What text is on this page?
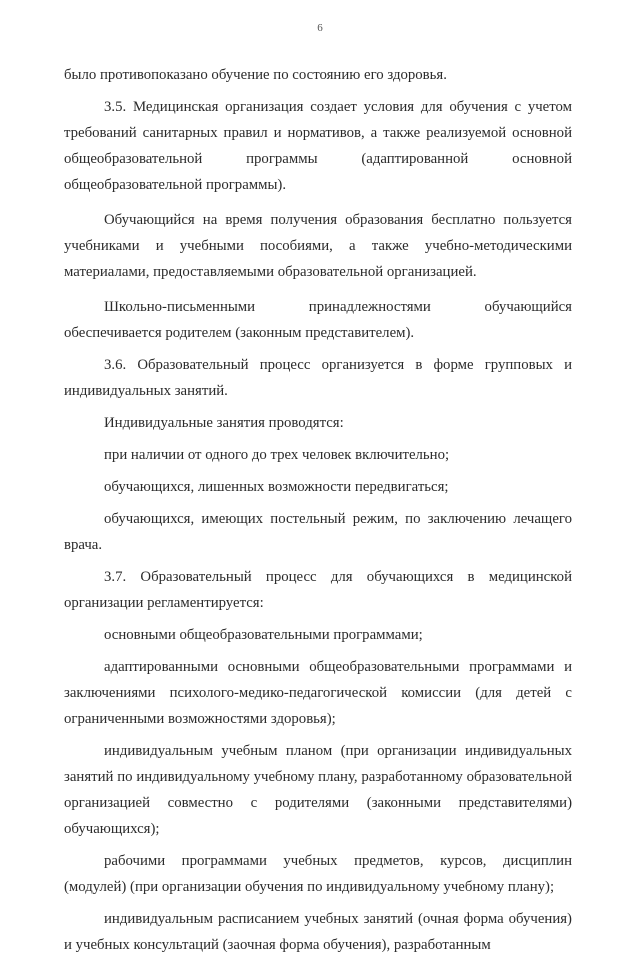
6

было противопоказано обучение по состоянию его здоровья.

3.5. Медицинская организация создает условия для обучения с учетом требований санитарных правил и нормативов, а также реализуемой основной общеобразовательной программы (адаптированной основной общеобразовательной программы).

Обучающийся на время получения образования бесплатно пользуется учебниками и учебными пособиями, а также учебно-методическими материалами, предоставляемыми образовательной организацией.

Школьно-письменными принадлежностями обучающийся обеспечивается родителем (законным представителем).

3.6. Образовательный процесс организуется в форме групповых и индивидуальных занятий.

Индивидуальные занятия проводятся:

при наличии от одного до трех человек включительно;

обучающихся, лишенных возможности передвигаться;

обучающихся, имеющих постельный режим, по заключению лечащего врача.

3.7. Образовательный процесс для обучающихся в медицинской организации регламентируется:

основными общеобразовательными программами;

адаптированными основными общеобразовательными программами и заключениями психолого-медико-педагогической комиссии (для детей с ограниченными возможностями здоровья);

индивидуальным учебным планом (при организации индивидуальных занятий по индивидуальному учебному плану, разработанному образовательной организацией совместно с родителями (законными представителями) обучающихся);

рабочими программами учебных предметов, курсов, дисциплин (модулей) (при организации обучения по индивидуальному учебному плану);

индивидуальным расписанием учебных занятий (очная форма обучения) и учебных консультаций (заочная форма обучения), разработанным
